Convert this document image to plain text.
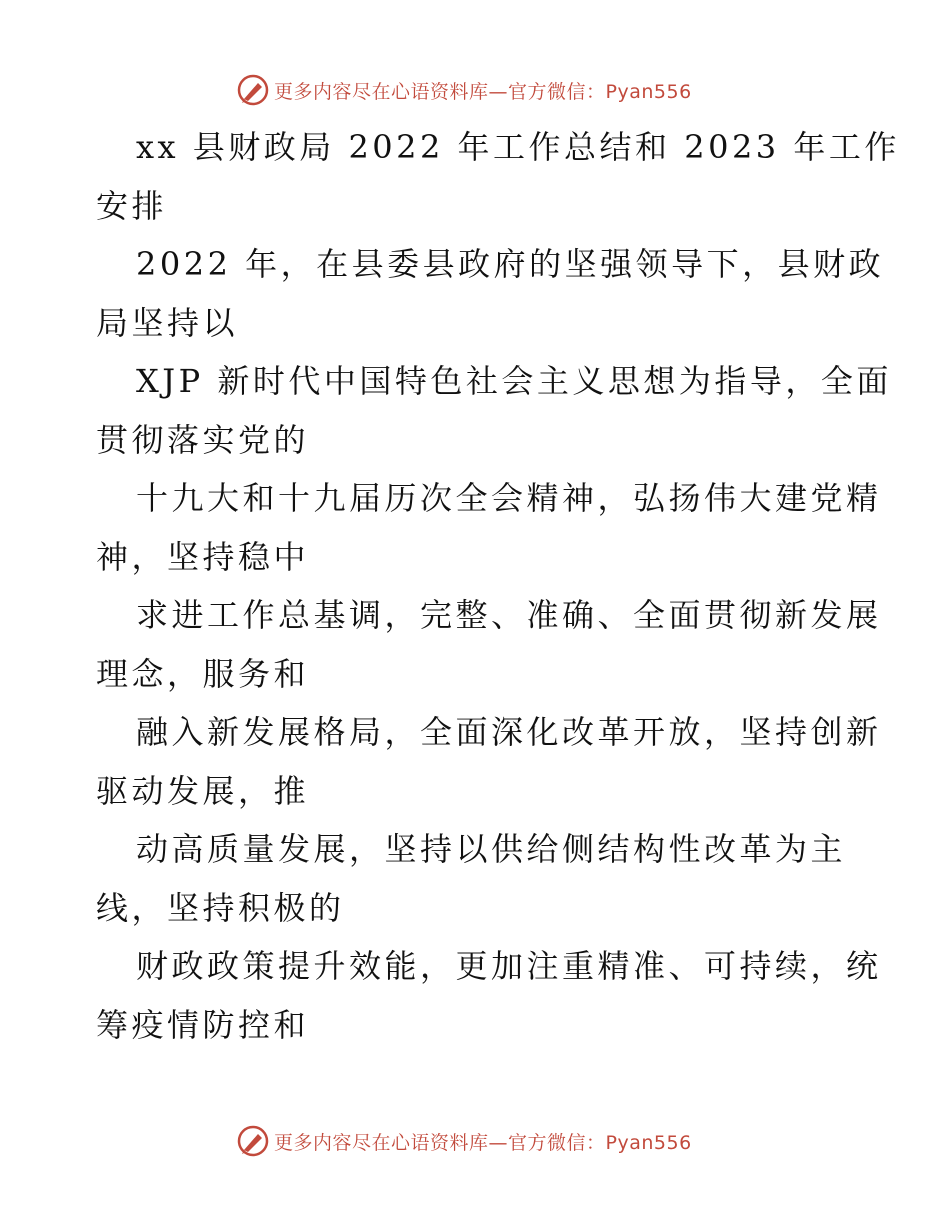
更多内容尽在心语资料库—官方微信：Pyan556
xx 县财政局 2022 年工作总结和 2023 年工作
安排
2022 年，在县委县政府的坚强领导下，县财政
局坚持以
XJP 新时代中国特色社会主义思想为指导，全面
贯彻落实党的
十九大和十九届历次全会精神，弘扬伟大建党精
神，坚持稳中
求进工作总基调，完整、准确、全面贯彻新发展
理念，服务和
融入新发展格局，全面深化改革开放，坚持创新
驱动发展，推
动高质量发展，坚持以供给侧结构性改革为主
线，坚持积极的
财政政策提升效能，更加注重精准、可持续，统
筹疫情防控和
更多内容尽在心语资料库—官方微信：Pyan556
